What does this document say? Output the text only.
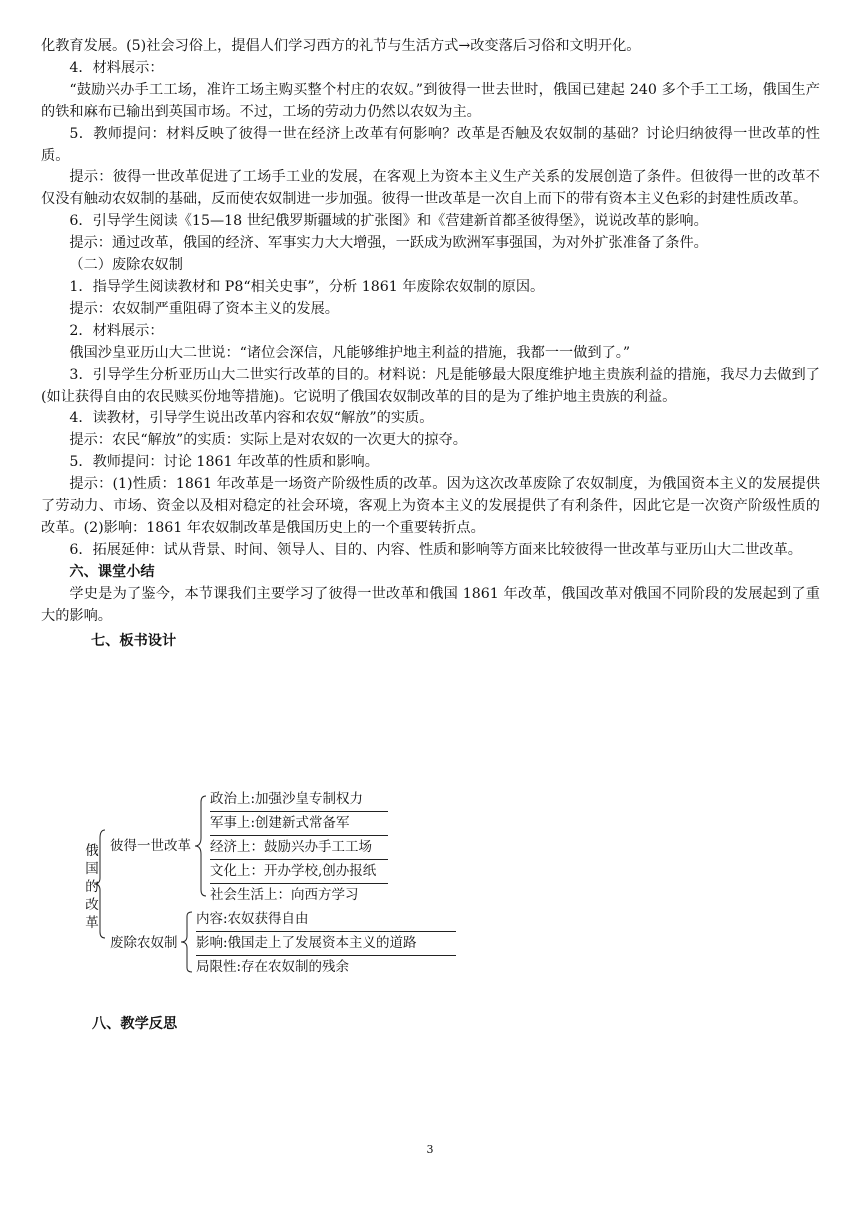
化教育发展。(5)社会习俗上，提倡人们学习西方的礼节与生活方式→改变落后习俗和文明开化。

4．材料展示：

“鼓励兴办手工工场，准许工场主购买整个村庄的农奴。”到彼得一世去世时，俄国已建起 240 多个手工工场，俄国生产的铁和麻布已输出到英国市场。不过，工场的劳动力仍然以农奴为主。

5．教师提问：材料反映了彼得一世在经济上改革有何影响？改革是否触及农奴制的基础？讨论归纳彼得一世改革的性质。

提示：彼得一世改革促进了工场手工业的发展，在客观上为资本主义生产关系的发展创造了条件。但彼得一世的改革不仅没有触动农奴制的基础，反而使农奴制进一步加强。彼得一世改革是一次自上而下的带有资本主义色彩的封建性质改革。

6．引导学生阅读《15—18 世纪俄罗斯疆域的扩张图》和《营建新首都圣彼得堡》，说说改革的影响。

提示：通过改革，俄国的经济、军事实力大大增强，一跃成为欧洲军事强国，为对外扩张准备了条件。

（二）废除农奴制

1．指导学生阅读教材和 P8“相关史事”，分析 1861 年废除农奴制的原因。

提示：农奴制严重阻碍了资本主义的发展。

2．材料展示：

俄国沙皇亚历山大二世说：“诸位会深信，凡能够维护地主利益的措施，我都一一做到了。”

3．引导学生分析亚历山大二世实行改革的目的。材料说：凡是能够最大限度维护地主贵族利益的措施，我尽力去做到了(如让获得自由的农民赎买份地等措施)。它说明了俄国农奴制改革的目的是为了维护地主贵族的利益。

4．读教材，引导学生说出改革内容和农奴“解放”的实质。

提示：农民“解放”的实质：实际上是对农奴的一次更大的掠夺。

5．教师提问：讨论 1861 年改革的性质和影响。

提示：(1)性质：1861 年改革是一场资产阶级性质的改革。因为这次改革废除了农奴制度，为俄国资本主义的发展提供了劳动力、市场、资金以及相对稳定的社会环境，客观上为资本主义的发展提供了有利条件，因此它是一次资产阶级性质的改革。(2)影响：1861 年农奴制改革是俄国历史上的一个重要转折点。

6．拓展延伸：试从背景、时间、领导人、目的、内容、性质和影响等方面来比较彼得一世改革与亚历山大二世改革。

六、课堂小结

学史是为了鉴今，本节课我们主要学习了彼得一世改革和俄国 1861 年改革，俄国改革对俄国不同阶段的发展起到了重大的影响。

七、板书设计

俄国的改革
彼得一世改革
废除农奴制
政治上:加强沙皇专制权力
军事上:创建新式常备军
经济上：鼓励兴办手工工场
文化上：开办学校,创办报纸
社会生活上：向西方学习
内容:农奴获得自由
影响:俄国走上了发展资本主义的道路
局限性:存在农奴制的残余
八、教学反思
3
